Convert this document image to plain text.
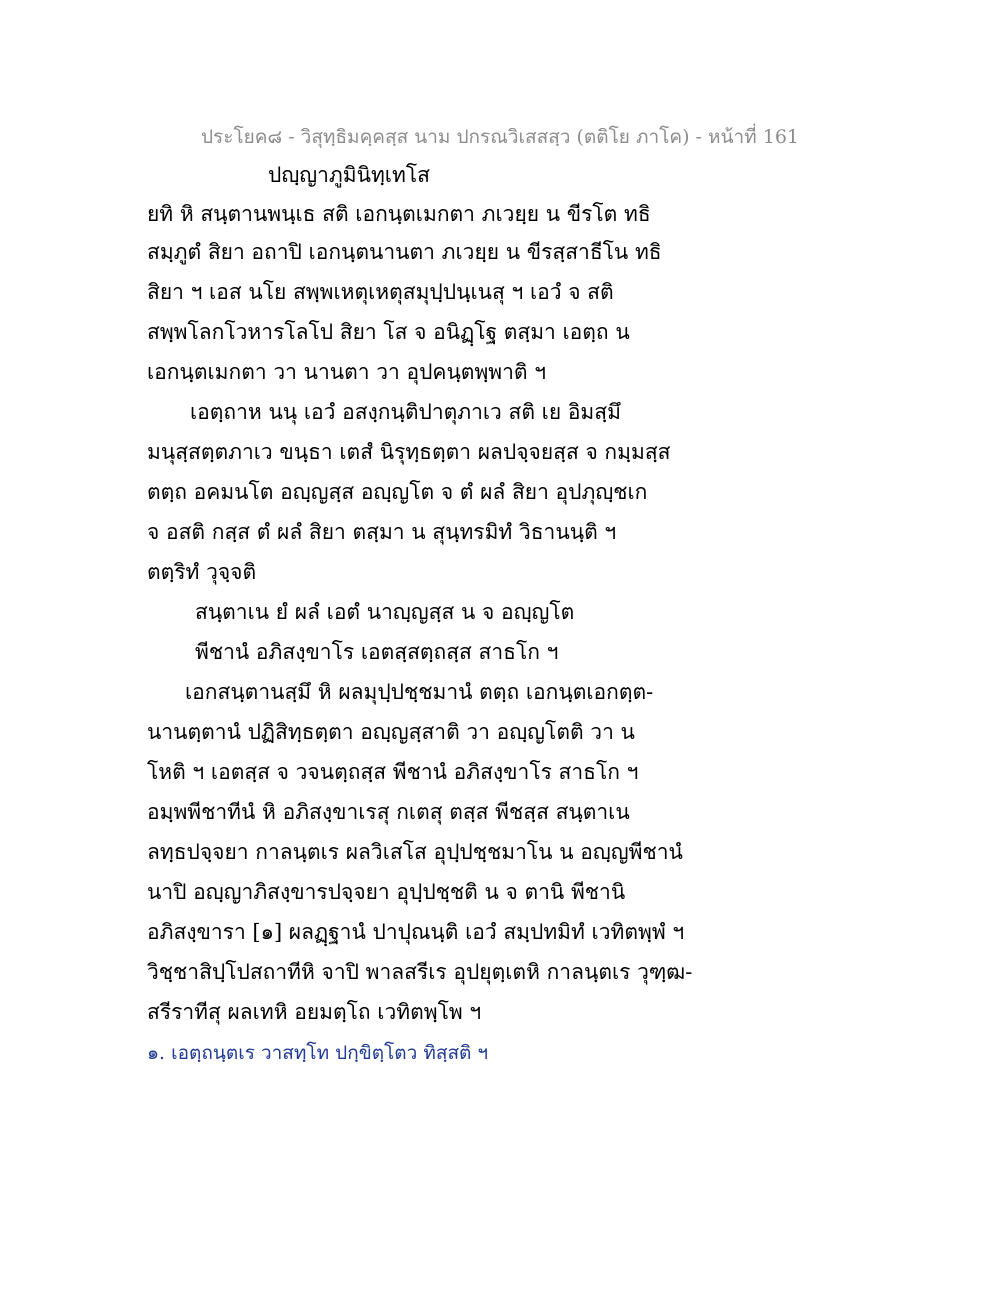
ประโยค๘ - วิสุทฺธิมคฺคสฺส นาม ปกรณวิเสสสฺว (ตติโย ภาโค) - หน้าที่ 161
ปญฺญาภูมินิทฺเทโส
ยทิ หิ สนฺตานพนฺเธ สติ เอกนฺตเมกตา ภเวยฺย น ขีรโต ทธิ
สมฺภูตํ สิยา อถาปิ เอกนฺตนานตา ภเวยฺย น ขีรสฺสาธีโน ทธิ
สิยา ฯ เอส นโย สพฺพเหตุเหตุสมุปฺปนฺเนสุ ฯ เอวํ จ สติ
สพฺพโลกโวหารโลโป สิยา โส จ อนิฏฺโฐ ตสฺมา เอตฺถ น
เอกนฺตเมกตา วา นานตา วา อุปคนฺตพฺพาติ ฯ
เอตฺถาห นนุ เอวํ อสงฺกนฺติปาตุภาเว สติ เย อิมสฺมึ
มนุสฺสตฺตภาเว ขนฺธา เตสํ นิรุทฺธตฺตา ผลปจฺจยสฺส จ กมฺมสฺส
ตตฺถ อคมนโต อญฺญสฺส อญฺญโต จ ตํ ผลํ สิยา อุปภุญฺชเก
จ อสติ กสฺส ตํ ผลํ สิยา ตสฺมา น สุนฺทรมิทํ วิธานนฺติ ฯ
ตตฺริทํ วุจฺจติ
สนฺตาเน ยํ ผลํ เอตํ นาญฺญสฺส น จ อญฺญโต
พีชานํ อภิสงฺขาโร เอตสฺสตฺถสฺส สาธโก ฯ
เอกสนฺตานสฺมึ หิ ผลมุปฺปชฺชมานํ ตตฺถ เอกนฺตเอกตฺต-
นานตฺตานํ ปฏิสิทฺธตฺตา อญฺญสฺสาติ วา อญฺญโตติ วา น
โหติ ฯ เอตสฺส จ วจนตฺถสฺส พีชานํ อภิสงฺขาโร สาธโก ฯ
อมฺพพีชาทีนํ หิ อภิสงฺขาเรสุ กเตสุ ตสฺส พีชสฺส สนฺตาเน
ลทฺธปจฺจยา กาลนฺตเร ผลวิเสโส อุปฺปชฺชมาโน น อญฺญพีชานํ
นาปิ อญฺญาภิสงฺขารปจฺจยา อุปฺปชฺชติ น จ ตานิ พีชานิ
อภิสงฺขารา [๑] ผลฏฺฐานํ ปาปุณนฺติ เอวํ สมฺปทมิทํ เวทิตพฺพํ ฯ
วิชฺชาสิปฺโปสถาทีหิ จาปิ พาลสรีเร อุปยุตฺเตหิ กาลนฺตเร วุฑฺฒ-
สรีราทีสุ ผลเทหิ อยมตฺโถ เวทิตพฺโพ ฯ
๑. เอตฺถนฺตเร วาสทฺโท ปกฺขิตฺโตว ทิสฺสติ ฯ
